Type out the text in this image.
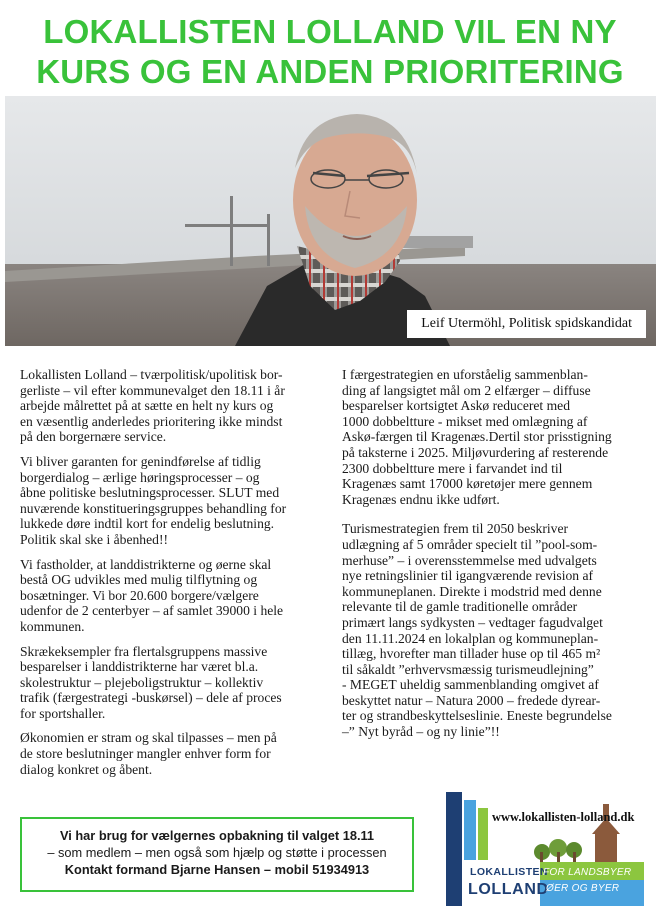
LOKALLISTEN LOLLAND VIL EN NY
KURS OG EN ANDEN PRIORITERING
Leif Utermöhl, Politisk spidskandidat

Lokallisten Lolland – tværpolitisk/upolitisk bor-
gerliste – vil efter kommunevalget den 18.11 i år
arbejde målrettet på at sætte en helt ny kurs og
en væsentlig anderledes prioritering ikke mindst
på den borgernære service.

Vi bliver garanten for genindførelse af tidlig
borgerdialog – ærlige høringsprocesser – og
åbne politiske beslutningsprocesser. SLUT med
nuværende konstitueringsgruppes behandling for
lukkede døre indtil kort for endelig beslutning.
Politik skal ske i åbenhed!!

Vi fastholder, at landdistrikterne og øerne skal
bestå OG udvikles med mulig tilflytning og
bosætninger. Vi bor 20.600 borgere/vælgere
udenfor de 2 centerbyer – af samlet 39000 i hele
kommunen.

Skrækeksempler fra flertalsgruppens massive
besparelser i landdistrikterne har været bl.a.
skolestruktur – plejeboligstruktur – kollektiv
trafik (færgestrategi -buskørsel) – dele af proces
for sportshaller.

Økonomien er stram og skal tilpasses – men på
de store beslutninger mangler enhver form for
dialog konkret og åbent.

I færgestrategien en uforståelig sammenblan-
ding af langsigtet mål om 2 elfærger – diffuse
besparelser kortsigtet Askø reduceret med
1000 dobbeltture - mikset med omlægning af
Askø-færgen til Kragenæs.Dertil stor prisstigning
på taksterne i 2025. Miljøvurdering af resterende
2300 dobbeltture mere i farvandet ind til
Kragenæs samt 17000 køretøjer mere gennem
Kragenæs endnu ikke udført.

Turismestrategien frem til 2050 beskriver
udlægning af 5 områder specielt til ”pool-som-
merhuse” – i overensstemmelse med udvalgets
nye retningslinier til igangværende revision af
kommuneplanen. Direkte i modstrid med denne
relevante til de gamle traditionelle områder
primært langs sydkysten – vedtager fagudvalget
den 11.11.2024 en lokalplan og kommuneplan-
tillæg, hvorefter man tillader huse op til 465 m²
til såkaldt ”erhvervsmæssig turismeudlejning”
- MEGET uheldig sammenblanding omgivet af
beskyttet natur – Natura 2000 – fredede dyrear-
ter og strandbeskyttelseslinie. Eneste begrundelse
–” Nyt byråd – og ny linie”!!

Vi har brug for vælgernes opbakning til valget 18.11
– som medlem – men også som hjælp og støtte i processen
Kontakt formand Bjarne Hansen – mobil 51934913
www.lokallisten-lolland.dk
LOKALLISTEN
LOLLAND
FOR LANDSBYER
ØER OG BYER
